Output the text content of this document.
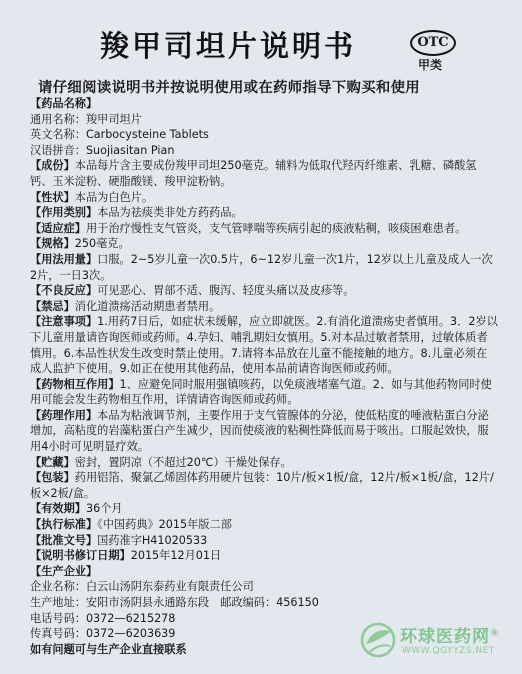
羧甲司坦片说明书	OTC
甲类
请仔细阅读说明书并按说明使用或在药师指导下购买和使用
【药品名称】
通用名称：羧甲司坦片
英文名称：Carbocysteine Tablets
汉语拼音：Suojiasitan Pian
【成份】本品每片含主要成份羧甲司坦250毫克。辅料为低取代羟丙纤维素、乳糖、磷酸氢钙、玉米淀粉、硬脂酸镁、羧甲淀粉钠。
【性状】本品为白色片。
【作用类别】本品为祛痰类非处方药药品。
【适应症】用于治疗慢性支气管炎，支气管哮喘等疾病引起的痰液粘稠，咳痰困难患者。
【规格】250毫克。
【用法用量】口服。2~5岁儿童一次0.5片，6~12岁儿童一次1片，12岁以上儿童及成人一次2片，一日3次。
【不良反应】可见恶心、胃部不适、腹泻、轻度头痛以及皮疹等。
【禁忌】消化道溃疡活动期患者禁用。
【注意事项】1.用药7日后，如症状未缓解，应立即就医。2.有消化道溃疡史者慎用。3．2岁以下儿童用量请咨询医师或药师。4.孕妇、哺乳期妇女慎用。5.对本品过敏者禁用，过敏体质者慎用。6.本品性状发生改变时禁止使用。7.请将本品放在儿童不能接触的地方。8.儿童必须在成人监护下使用。9.如正在使用其他药品，使用本品前请咨询医师或药师。
【药物相互作用】1、应避免同时服用强镇咳药，以免痰液堵塞气道。2、如与其他药物同时使用可能会发生药物相互作用，详情请咨询医师或药师。
【药理作用】本品为粘液调节剂，主要作用于支气管腺体的分泌，使低粘度的唾液粘蛋白分泌增加，高粘度的岩藻粘蛋白产生减少，因而使痰液的粘稠性降低而易于咳出。口服起效快，服用4小时可见明显疗效。
【贮藏】密封，置阴凉（不超过20℃）干燥处保存。
【包装】药用铝箔、聚氯乙烯固体药用硬片包装：10片/板×1板/盒，12片/板×1板/盒，12片/板×2板/盒。
【有效期】36个月
【执行标准】《中国药典》2015年版二部
【批准文号】国药准字H41020533
【说明书修订日期】2015年12月01日
【生产企业】
企业名称：白云山汤阴东泰药业有限责任公司
生产地址：安阳市汤阴县永通路东段　邮政编码：456150
电话号码：0372—6215278
传真号码：0372—6203639
如有问题可与生产企业直接联系
环球医药网®
WWW.QGYYZS.NET
